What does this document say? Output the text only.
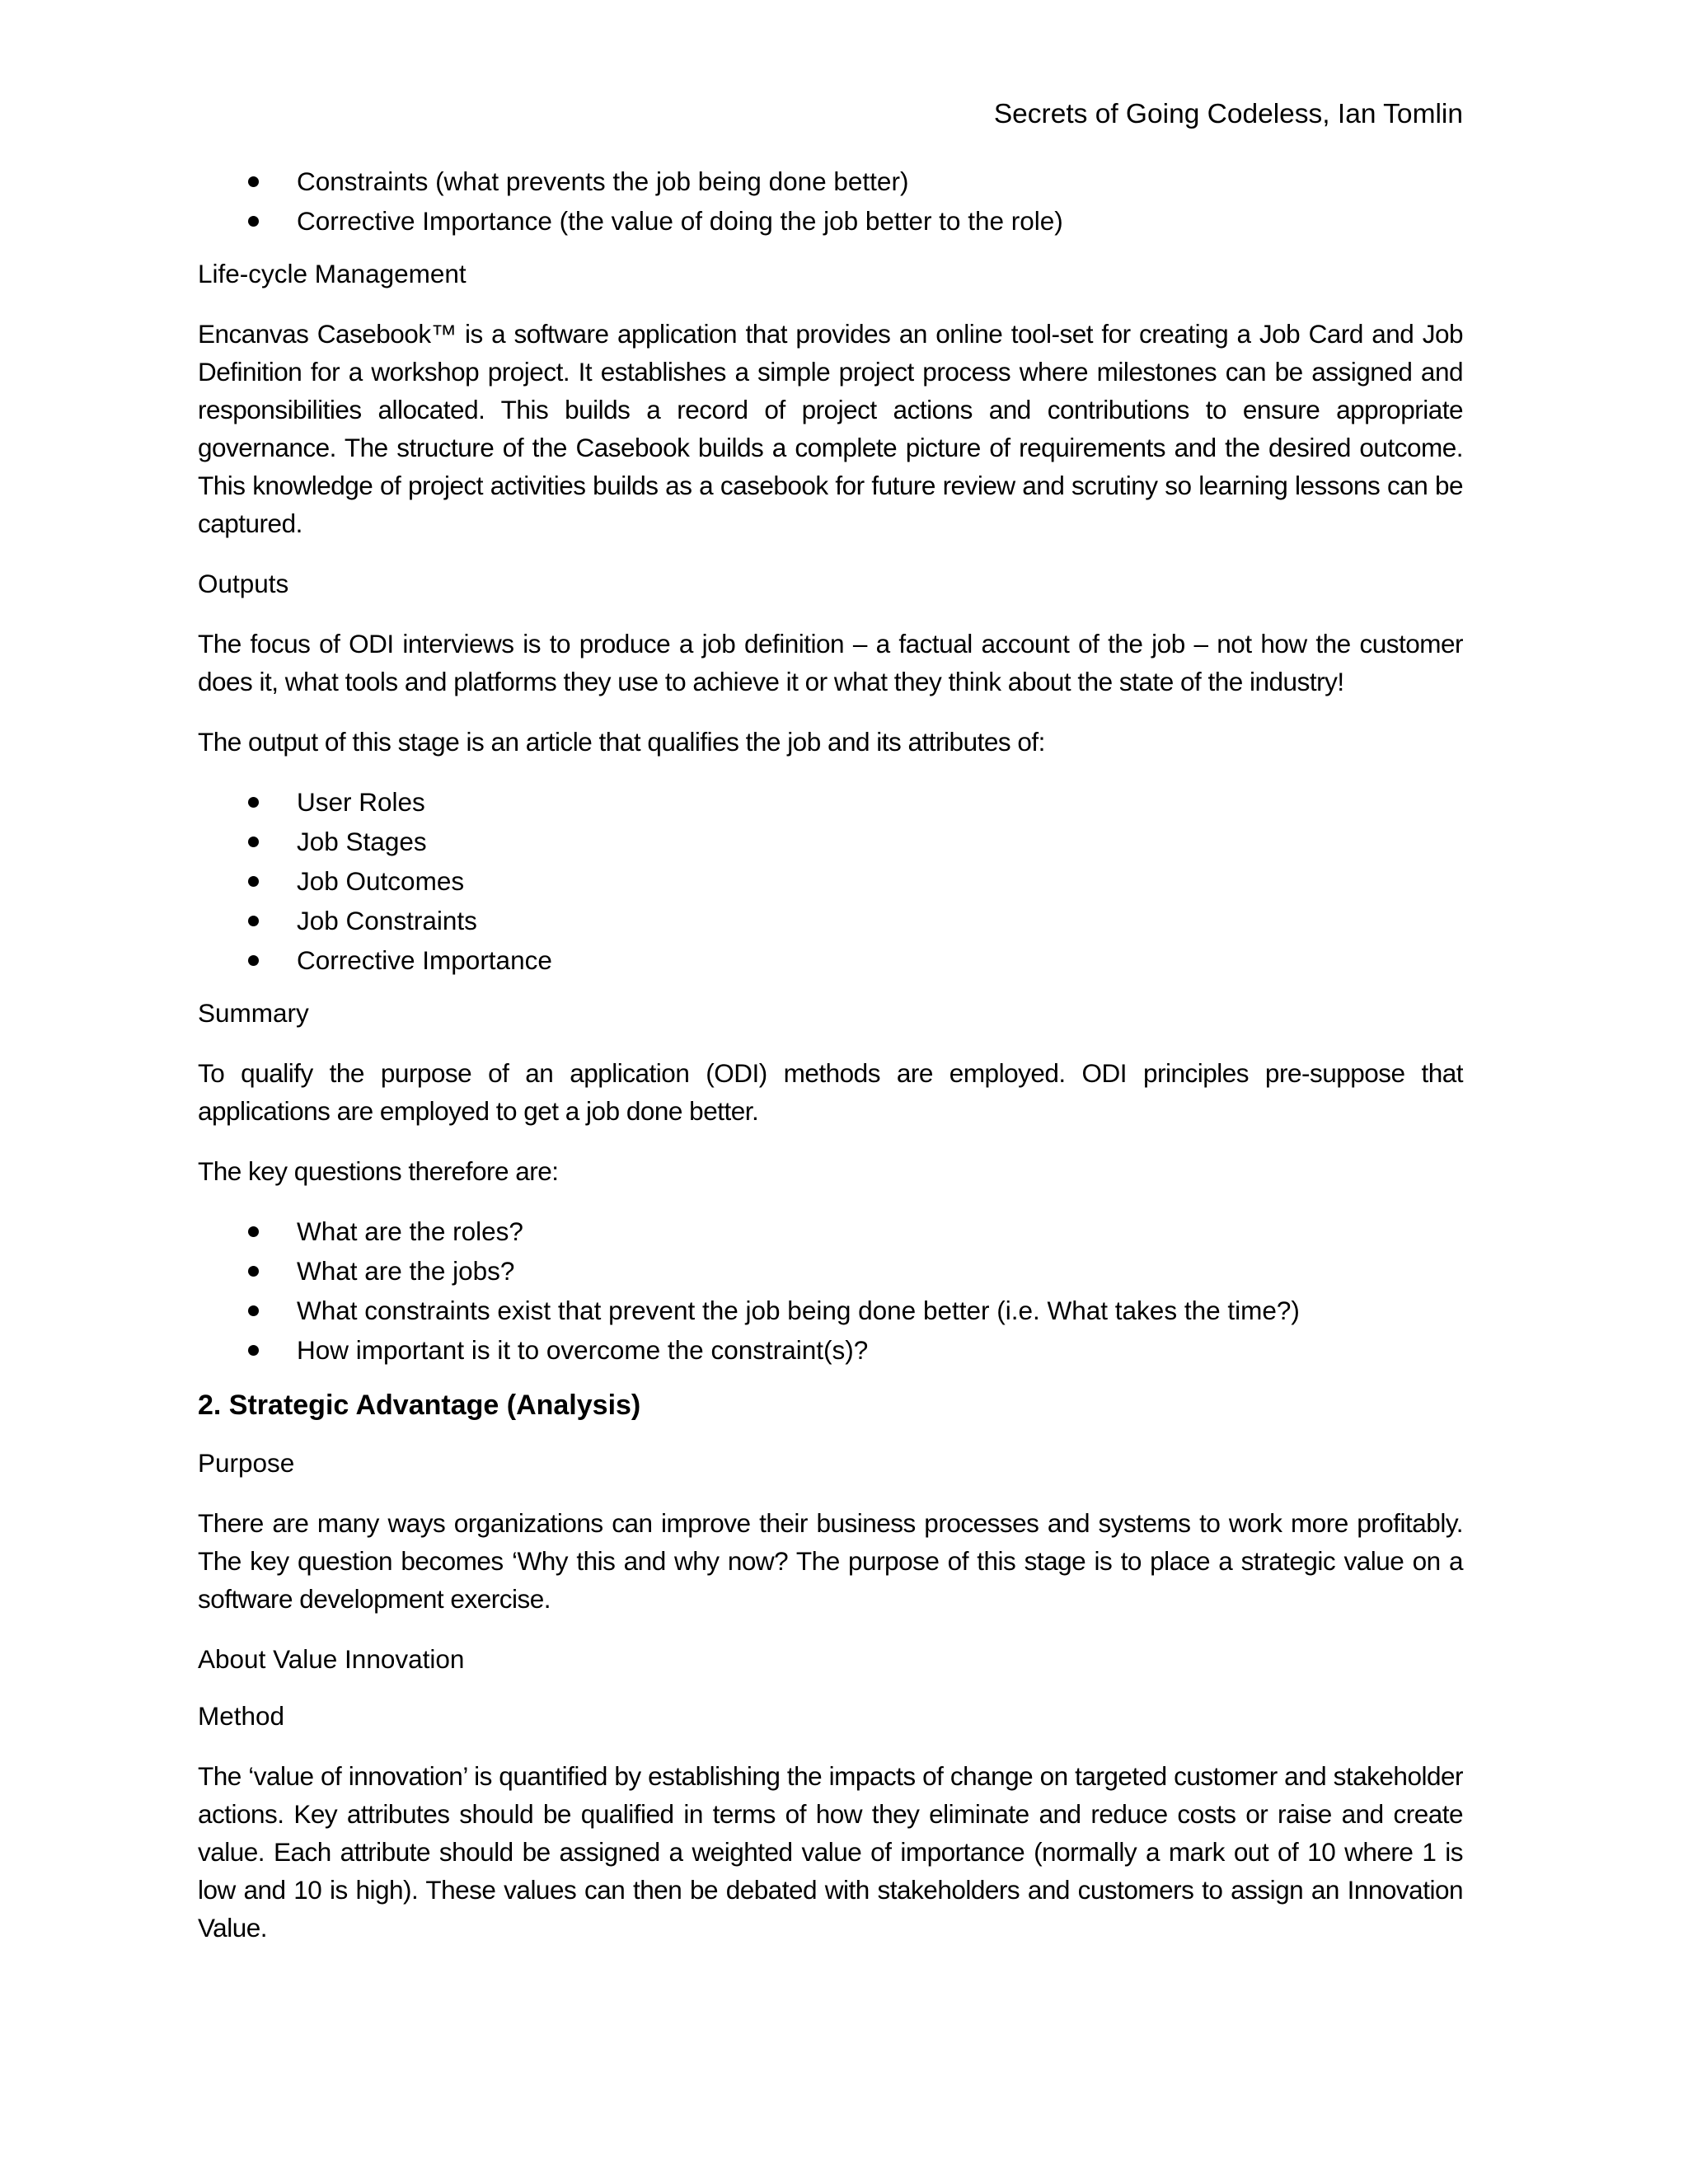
Secrets of Going Codeless, Ian Tomlin
Constraints (what prevents the job being done better)
Corrective Importance (the value of doing the job better to the role)

Life-cycle Management

Encanvas Casebook™ is a software application that provides an online tool-set for creating a Job Card and Job Definition for a workshop project. It establishes a simple project process where milestones can be assigned and responsibilities allocated. This builds a record of project actions and contributions to ensure appropriate governance. The structure of the Casebook builds a complete picture of requirements and the desired outcome. This knowledge of project activities builds as a casebook for future review and scrutiny so learning lessons can be captured.

Outputs

The focus of ODI interviews is to produce a job definition – a factual account of the job – not how the customer does it, what tools and platforms they use to achieve it or what they think about the state of the industry!

The output of this stage is an article that qualifies the job and its attributes of:

User Roles
Job Stages
Job Outcomes
Job Constraints
Corrective Importance

Summary

To qualify the purpose of an application (ODI) methods are employed. ODI principles pre-suppose that applications are employed to get a job done better.

The key questions therefore are:

What are the roles?
What are the jobs?
What constraints exist that prevent the job being done better (i.e. What takes the time?)
How important is it to overcome the constraint(s)?
2. Strategic Advantage (Analysis)

Purpose

There are many ways organizations can improve their business processes and systems to work more profitably. The key question becomes ‘Why this and why now? The purpose of this stage is to place a strategic value on a software development exercise.

About Value Innovation

Method

The ‘value of innovation’ is quantified by establishing the impacts of change on targeted customer and stakeholder actions. Key attributes should be qualified in terms of how they eliminate and reduce costs or raise and create value. Each attribute should be assigned a weighted value of importance (normally a mark out of 10 where 1 is low and 10 is high). These values can then be debated with stakeholders and customers to assign an Innovation Value.
